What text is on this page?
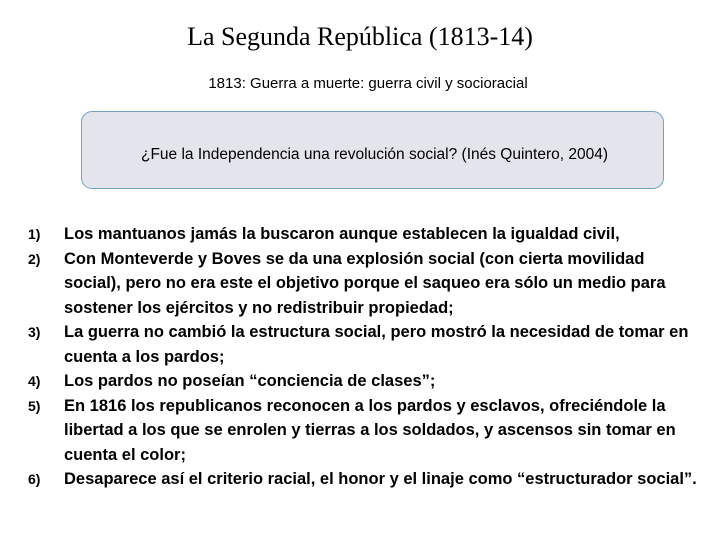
La Segunda República (1813-14)
1813: Guerra a muerte: guerra civil y socioracial
¿Fue la Independencia una revolución social? (Inés Quintero, 2004)
1)	Los mantuanos jamás la buscaron aunque establecen la igualdad civil,
2)	Con Monteverde y Boves se da una explosión social (con cierta movilidad social), pero no era este el objetivo porque el saqueo era sólo un medio para sostener los ejércitos y no redistribuir propiedad;
3)	La guerra no cambió la estructura social, pero mostró la necesidad de tomar en cuenta a los pardos;
4)	Los pardos no poseían “conciencia de clases”;
5)	En 1816 los republicanos reconocen a los pardos y esclavos, ofreciéndole la libertad a los que se enrolen y tierras a los soldados, y ascensos sin tomar en cuenta el color;
6)	Desaparece así el criterio racial, el honor y el linaje como “estructurador social”.
